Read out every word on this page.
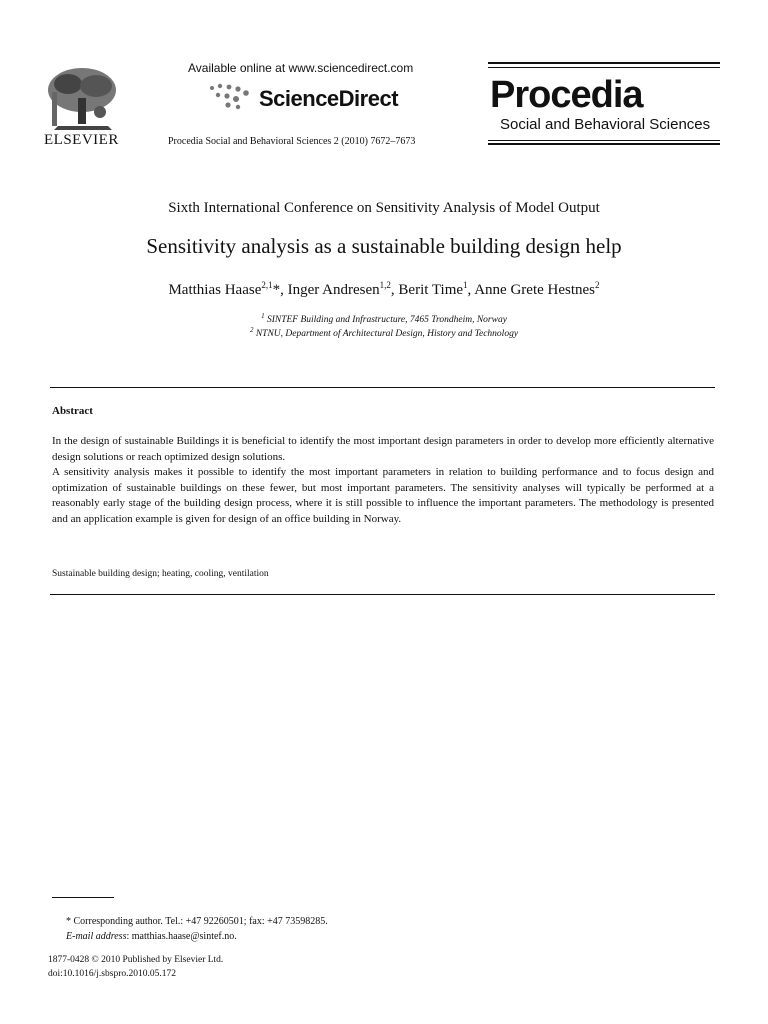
ELSEVIER
Available online at www.sciencedirect.com
ScienceDirect
Procedia Social and Behavioral Sciences 2 (2010) 7672–7673
Procedia
Social and Behavioral Sciences
Sixth International Conference on Sensitivity Analysis of Model Output
Sensitivity analysis as a sustainable building design help
Matthias Haase$^{2,1}$*, Inger Andresen$^{1,2}$, Berit Time$^1$, Anne Grete Hestnes$^2$
$^1$ SINTEF Building and Infrastructure, 7465 Trondheim, Norway
$^2$ NTNU, Department of Architectural Design, History and Technology
Abstract

In the design of sustainable Buildings it is beneficial to identify the most important design parameters in order to develop more efficiently alternative design solutions or reach optimized design solutions.

A sensitivity analysis makes it possible to identify the most important parameters in relation to building performance and to focus design and optimization of sustainable buildings on these fewer, but most important parameters. The sensitivity analyses will typically be performed at a reasonably early stage of the building design process, where it is still possible to influence the important parameters. The methodology is presented and an application example is given for design of an office building in Norway.

Sustainable building design; heating, cooling, ventilation
* Corresponding author. Tel.: +47 92260501; fax: +47 73598285.
E-mail address: matthias.haase@sintef.no.
1877-0428 © 2010 Published by Elsevier Ltd.
doi:10.1016/j.sbspro.2010.05.172
